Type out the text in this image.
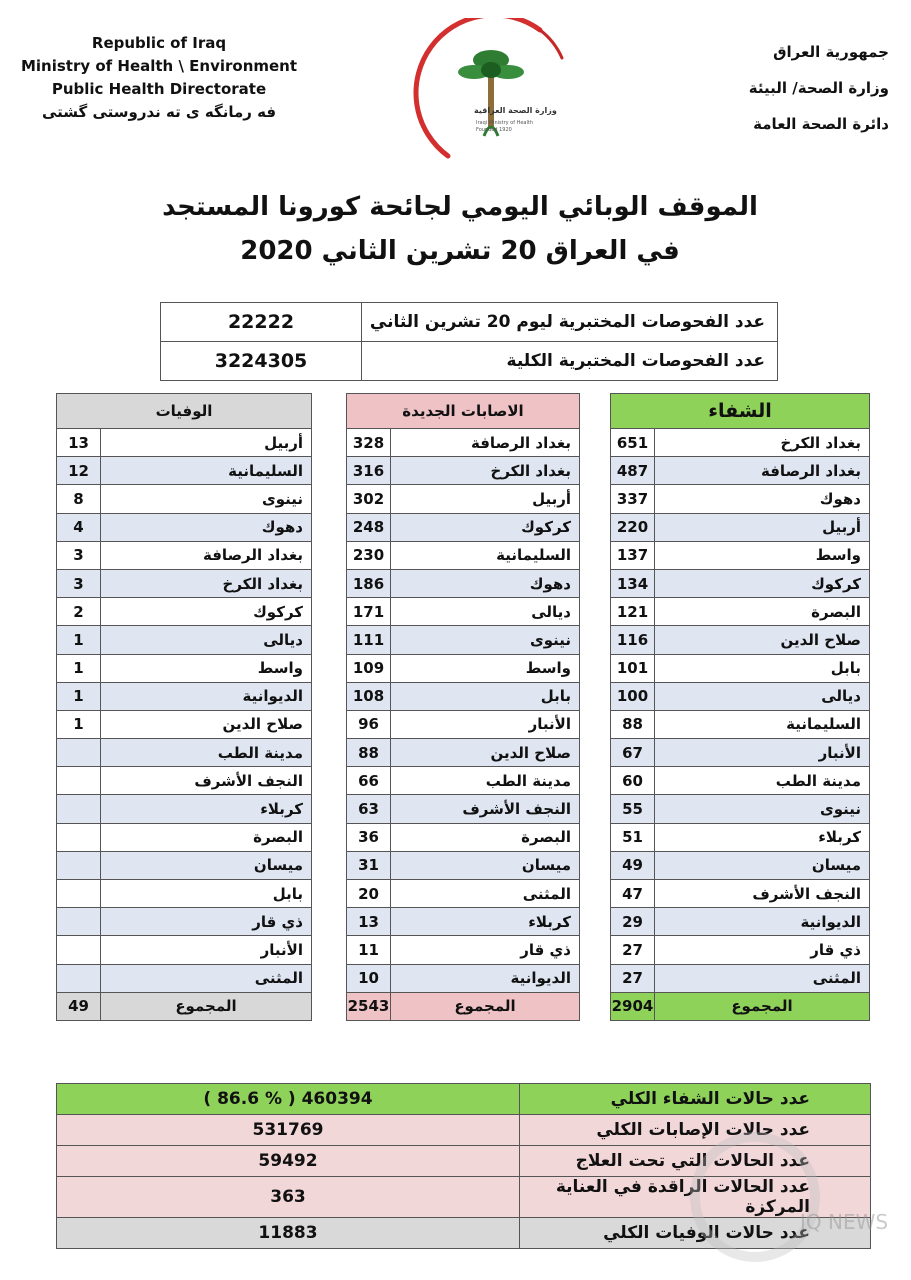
Republic of Iraq
Ministry of Health \ Environment
Public Health Directorate
فه رمانگه ى ته ندروستى گشتى	وزارة الصحة العراقية
Iraqi Ministry of Health
Founded 1920
جمهورية العراق
وزارة الصحة/ البيئة
دائرة الصحة العامة
الموقف الوبائي اليومي لجائحة كورونا المستجد
في العراق 20 تشرين الثاني 2020
22222	عدد الفحوصات المختبرية ليوم 20 تشرين الثاني
3224305	عدد الفحوصات المختبرية الكلية
الوفيات	
13	أربيل
12	السليمانية
8	نينوى
4	دهوك
3	بغداد الرصافة
3	بغداد الكرخ
2	كركوك
1	ديالى
1	واسط
1	الديوانية
1	صلاح الدين
	مدينة الطب
	النجف الأشرف
	كربلاء
	البصرة
	ميسان
	بابل
	ذي قار
	الأنبار
	المثنى
49	المجموع
الاصابات الجديدة	
328	بغداد الرصافة
316	بغداد الكرخ
302	أربيل
248	كركوك
230	السليمانية
186	دهوك
171	ديالى
111	نينوى
109	واسط
108	بابل
96	الأنبار
88	صلاح الدين
66	مدينة الطب
63	النجف الأشرف
36	البصرة
31	ميسان
20	المثنى
13	كربلاء
11	ذي قار
10	الديوانية
2543	المجموع
الشفاء	
651	بغداد الكرخ
487	بغداد الرصافة
337	دهوك
220	أربيل
137	واسط
134	كركوك
121	البصرة
116	صلاح الدين
101	بابل
100	ديالى
88	السليمانية
67	الأنبار
60	مدينة الطب
55	نينوى
51	كربلاء
49	ميسان
47	النجف الأشرف
29	الديوانية
27	ذي قار
27	المثنى
2904	المجموع
( 86.6 % ) 460394	عدد حالات الشفاء الكلي
531769	عدد حالات الإصابات الكلي
59492	عدد الحالات التي تحت العلاج
363	عدد الحالات الراقدة في العناية المركزة
11883	عدد حالات الوفيات الكلي
IQ NEWS
